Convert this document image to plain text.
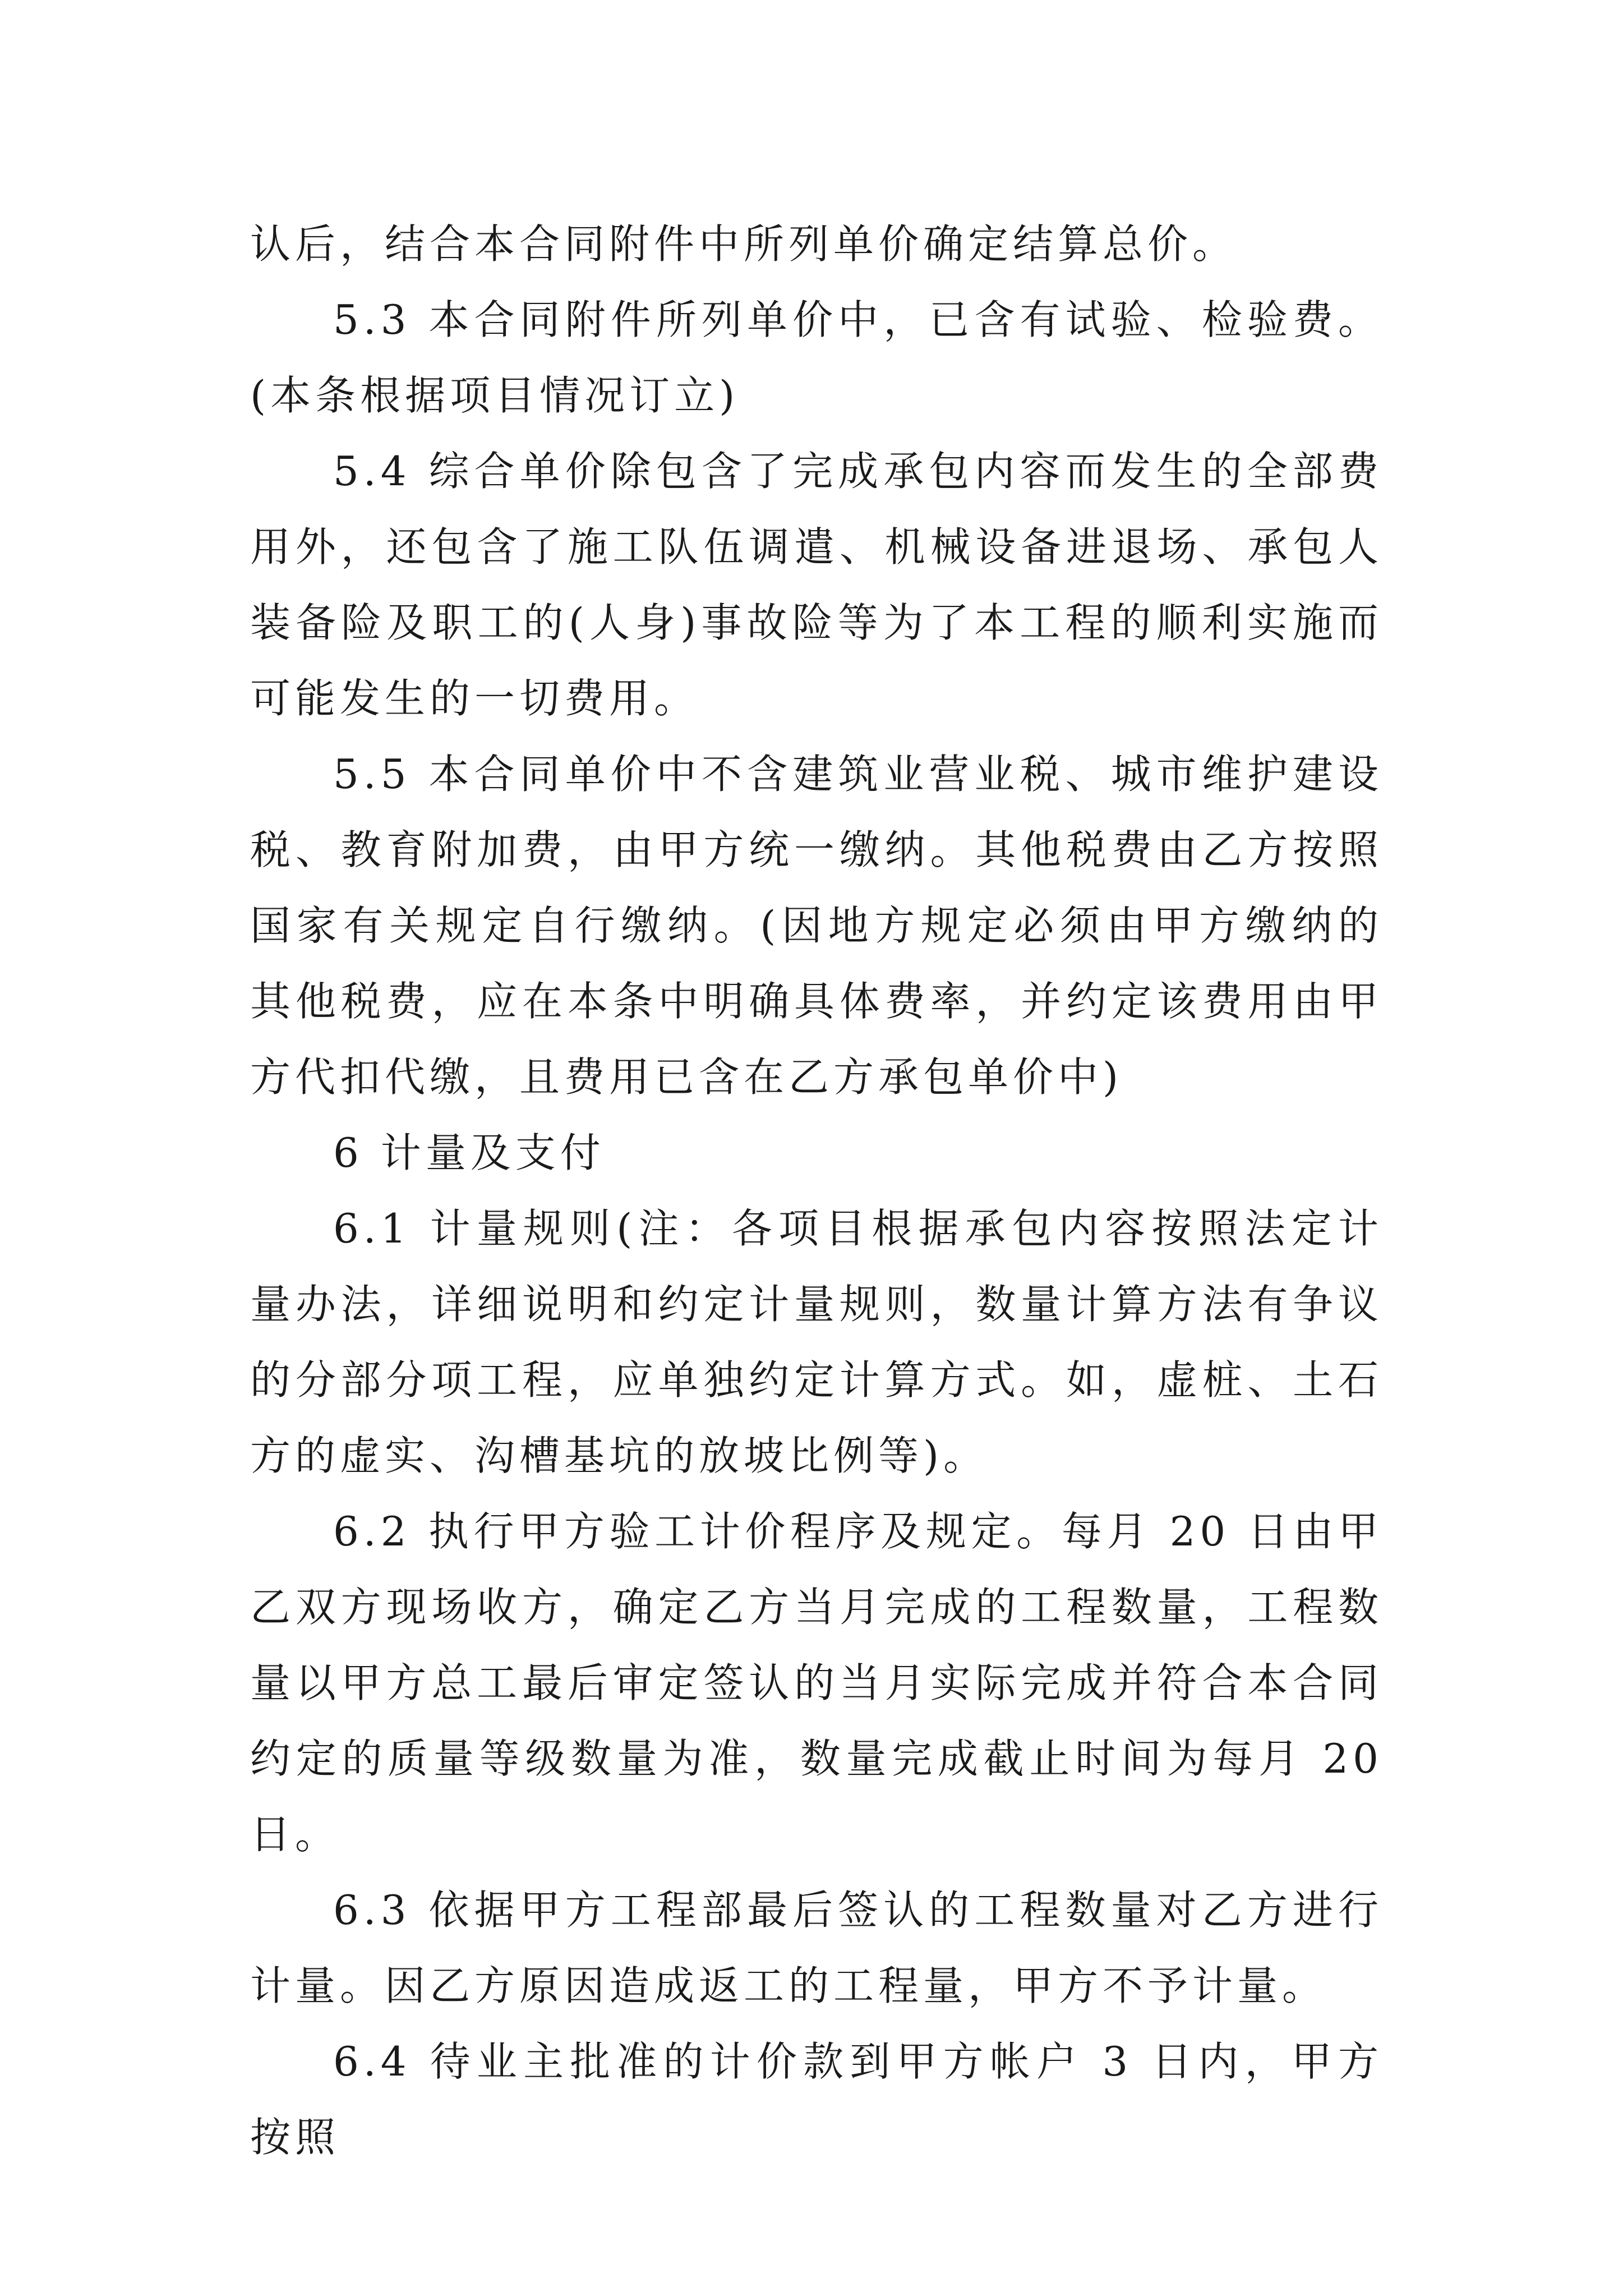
认后，结合本合同附件中所列单价确定结算总价。

5.3 本合同附件所列单价中，已含有试验、检验费。(本条根据项目情况订立)

5.4 综合单价除包含了完成承包内容而发生的全部费用外，还包含了施工队伍调遣、机械设备进退场、承包人装备险及职工的(人身)事故险等为了本工程的顺利实施而可能发生的一切费用。

5.5 本合同单价中不含建筑业营业税、城市维护建设税、教育附加费，由甲方统一缴纳。其他税费由乙方按照国家有关规定自行缴纳。(因地方规定必须由甲方缴纳的其他税费，应在本条中明确具体费率，并约定该费用由甲方代扣代缴，且费用已含在乙方承包单价中)

6 计量及支付

6.1 计量规则(注：各项目根据承包内容按照法定计量办法，详细说明和约定计量规则，数量计算方法有争议的分部分项工程，应单独约定计算方式。如，虚桩、土石方的虚实、沟槽基坑的放坡比例等)。

6.2 执行甲方验工计价程序及规定。每月 20 日由甲乙双方现场收方，确定乙方当月完成的工程数量，工程数量以甲方总工最后审定签认的当月实际完成并符合本合同约定的质量等级数量为准，数量完成截止时间为每月 20 日。

6.3 依据甲方工程部最后签认的工程数量对乙方进行计量。因乙方原因造成返工的工程量，甲方不予计量。

6.4 待业主批准的计价款到甲方帐户 3 日内，甲方按照
